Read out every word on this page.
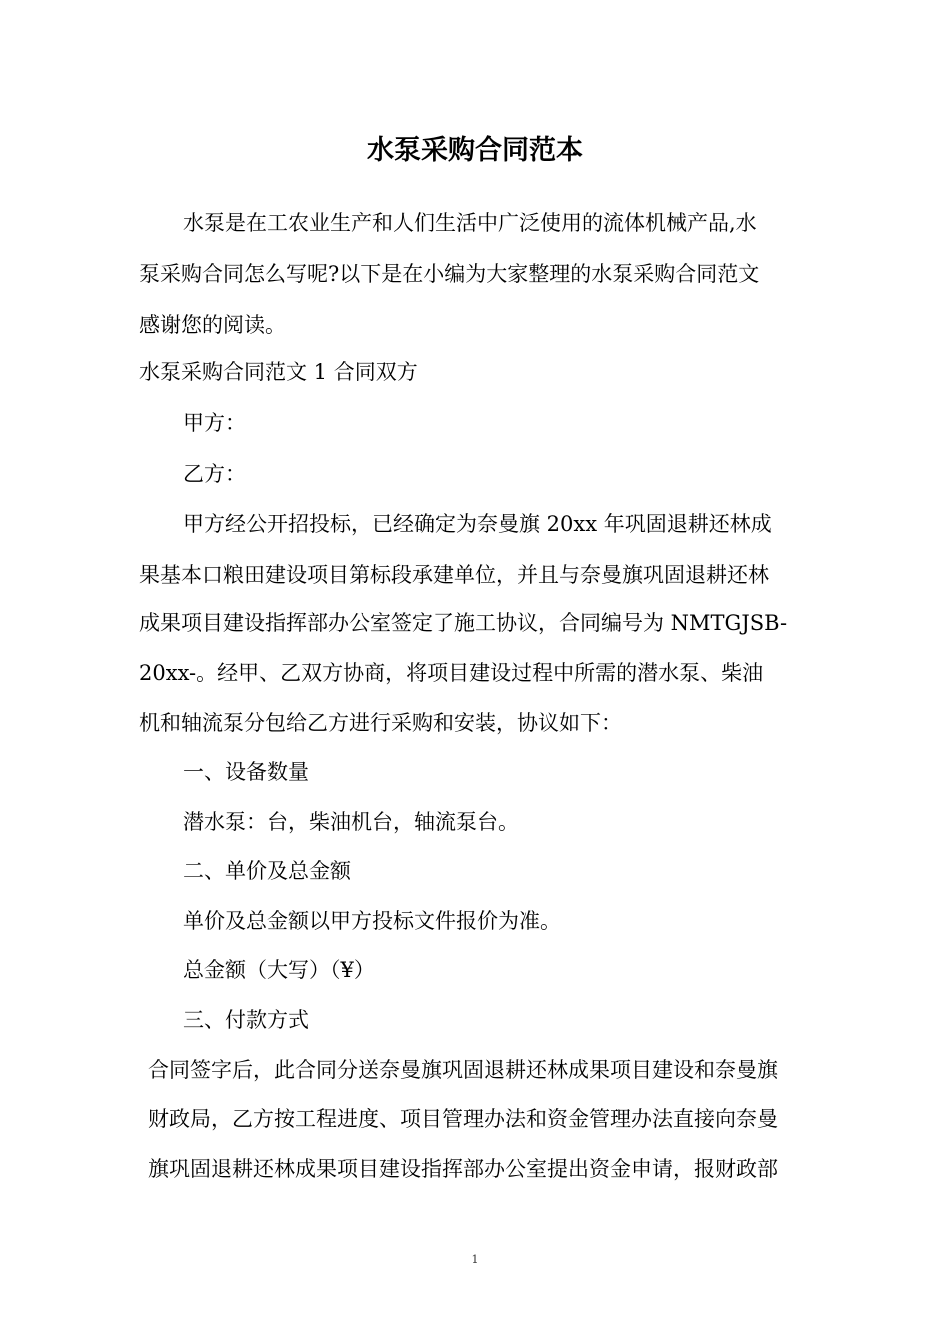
水泵采购合同范本

水泵是在工农业生产和人们生活中广泛使用的流体机械产品,水

泵采购合同怎么写呢?以下是在小编为大家整理的水泵采购合同范文

感谢您的阅读。

水泵采购合同范文 1 合同双方

甲方：

乙方：

甲方经公开招投标，已经确定为奈曼旗 20xx 年巩固退耕还林成

果基本口粮田建设项目第标段承建单位，并且与奈曼旗巩固退耕还林

成果项目建设指挥部办公室签定了施工协议，合同编号为 NMTGJSB-

20xx-。经甲、乙双方协商，将项目建设过程中所需的潜水泵、柴油

机和轴流泵分包给乙方进行采购和安装，协议如下：

一、设备数量

潜水泵：台，柴油机台，轴流泵台。

二、单价及总金额

单价及总金额以甲方投标文件报价为准。

总金额（大写）（¥）

三、付款方式

合同签字后，此合同分送奈曼旗巩固退耕还林成果项目建设和奈曼旗

财政局，乙方按工程进度、项目管理办法和资金管理办法直接向奈曼

旗巩固退耕还林成果项目建设指挥部办公室提出资金申请，报财政部

1
